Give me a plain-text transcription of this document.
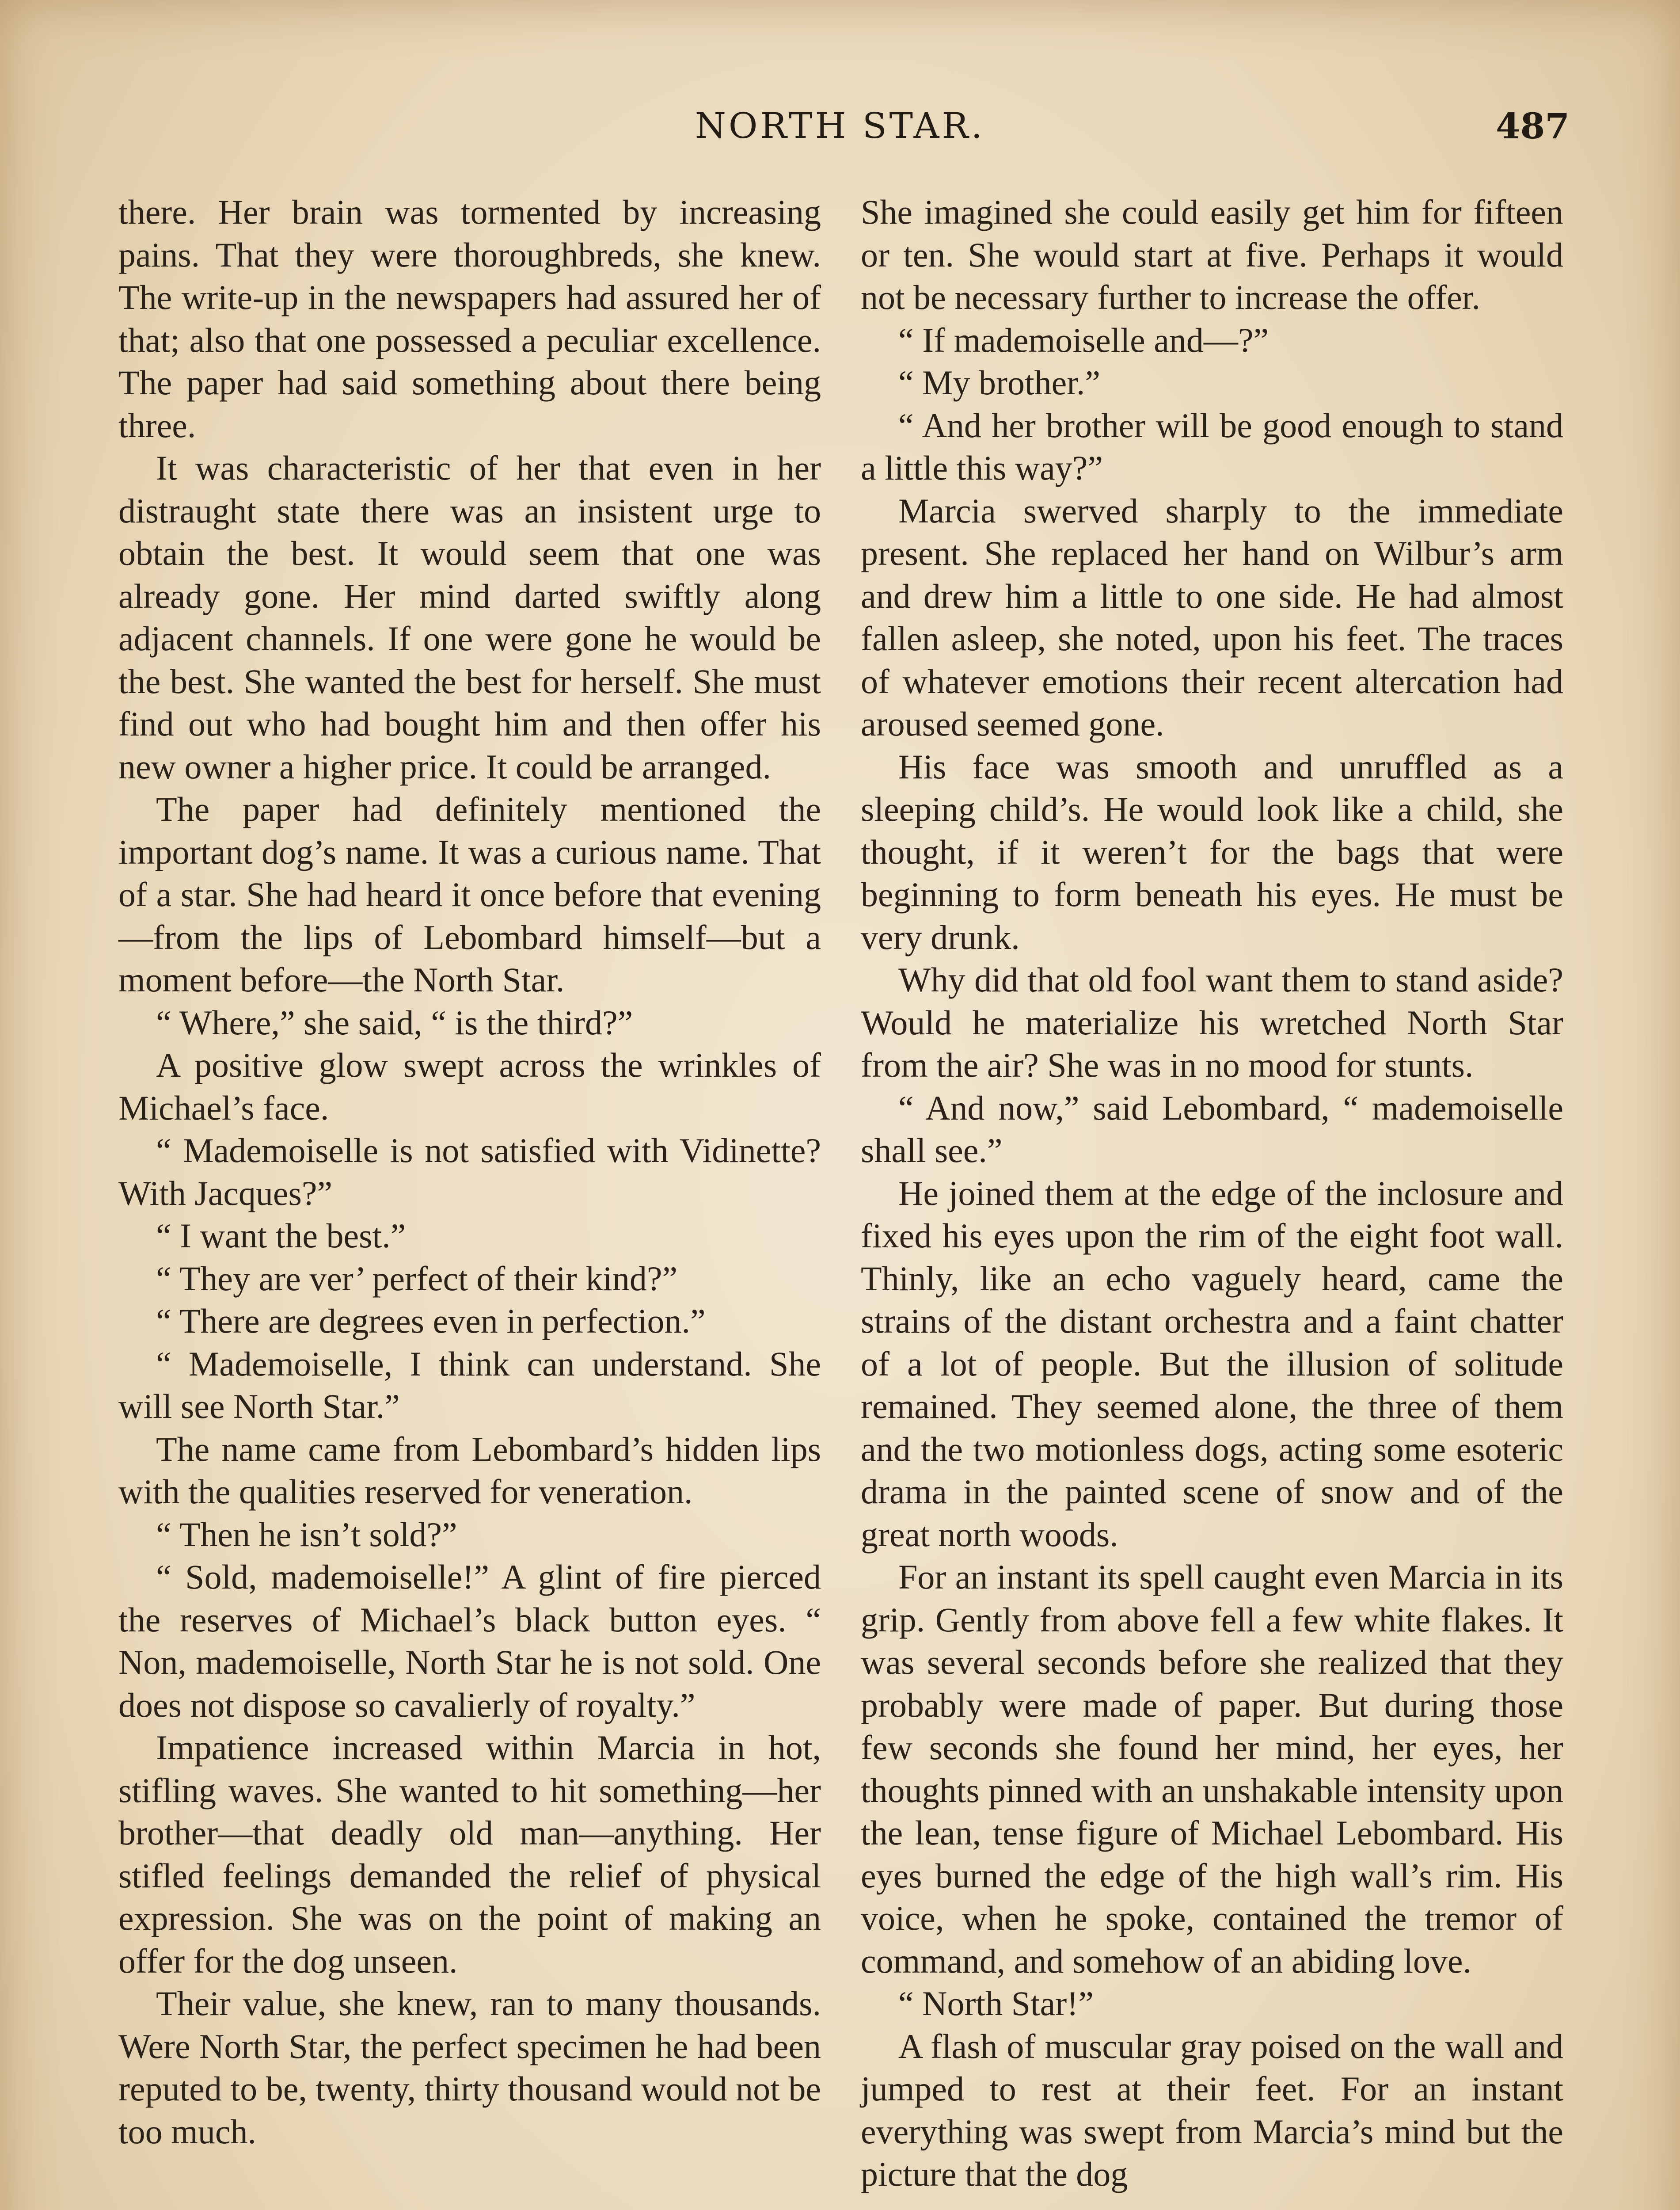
NORTH STAR.	487

there. Her brain was tormented by increasing pains. That they were thoroughbreds, she knew. The write-up in the newspapers had assured her of that; also that one possessed a peculiar excellence. The paper had said something about there being three.

It was characteristic of her that even in her distraught state there was an insistent urge to obtain the best. It would seem that one was already gone. Her mind darted swiftly along adjacent channels. If one were gone he would be the best. She wanted the best for herself. She must find out who had bought him and then offer his new owner a higher price. It could be arranged.

The paper had definitely mentioned the important dog’s name. It was a curious name. That of a star. She had heard it once before that evening—from the lips of Lebombard himself—but a moment before—the North Star.

“ Where,” she said, “ is the third?”

A positive glow swept across the wrinkles of Michael’s face.

“ Mademoiselle is not satisfied with Vidinette? With Jacques?”

“ I want the best.”

“ They are ver’ perfect of their kind?”

“ There are degrees even in perfection.”

“ Mademoiselle, I think can understand. She will see North Star.”

The name came from Lebombard’s hidden lips with the qualities reserved for veneration.

“ Then he isn’t sold?”

“ Sold, mademoiselle!” A glint of fire pierced the reserves of Michael’s black button eyes. “ Non, mademoiselle, North Star he is not sold. One does not dispose so cavalierly of royalty.”

Impatience increased within Marcia in hot, stifling waves. She wanted to hit something—her brother—that deadly old man—anything. Her stifled feelings demanded the relief of physical expression. She was on the point of making an offer for the dog unseen.

Their value, she knew, ran to many thousands. Were North Star, the perfect specimen he had been reputed to be, twenty, thirty thousand would not be too much.

She imagined she could easily get him for fifteen or ten. She would start at five. Perhaps it would not be necessary further to increase the offer.

“ If mademoiselle and—?”

“ My brother.”

“ And her brother will be good enough to stand a little this way?”

Marcia swerved sharply to the immediate present. She replaced her hand on Wilbur’s arm and drew him a little to one side. He had almost fallen asleep, she noted, upon his feet. The traces of whatever emotions their recent altercation had aroused seemed gone.

His face was smooth and unruffled as a sleeping child’s. He would look like a child, she thought, if it weren’t for the bags that were beginning to form beneath his eyes. He must be very drunk.

Why did that old fool want them to stand aside? Would he materialize his wretched North Star from the air? She was in no mood for stunts.

“ And now,” said Lebombard, “ mademoiselle shall see.”

He joined them at the edge of the inclosure and fixed his eyes upon the rim of the eight foot wall. Thinly, like an echo vaguely heard, came the strains of the distant orchestra and a faint chatter of a lot of people. But the illusion of solitude remained. They seemed alone, the three of them and the two motionless dogs, acting some esoteric drama in the painted scene of snow and of the great north woods.

For an instant its spell caught even Marcia in its grip. Gently from above fell a few white flakes. It was several seconds before she realized that they probably were made of paper. But during those few seconds she found her mind, her eyes, her thoughts pinned with an unshakable intensity upon the lean, tense figure of Michael Lebombard. His eyes burned the edge of the high wall’s rim. His voice, when he spoke, contained the tremor of command, and somehow of an abiding love.

“ North Star!”

A flash of muscular gray poised on the wall and jumped to rest at their feet. For an instant everything was swept from Marcia’s mind but the picture that the dog
